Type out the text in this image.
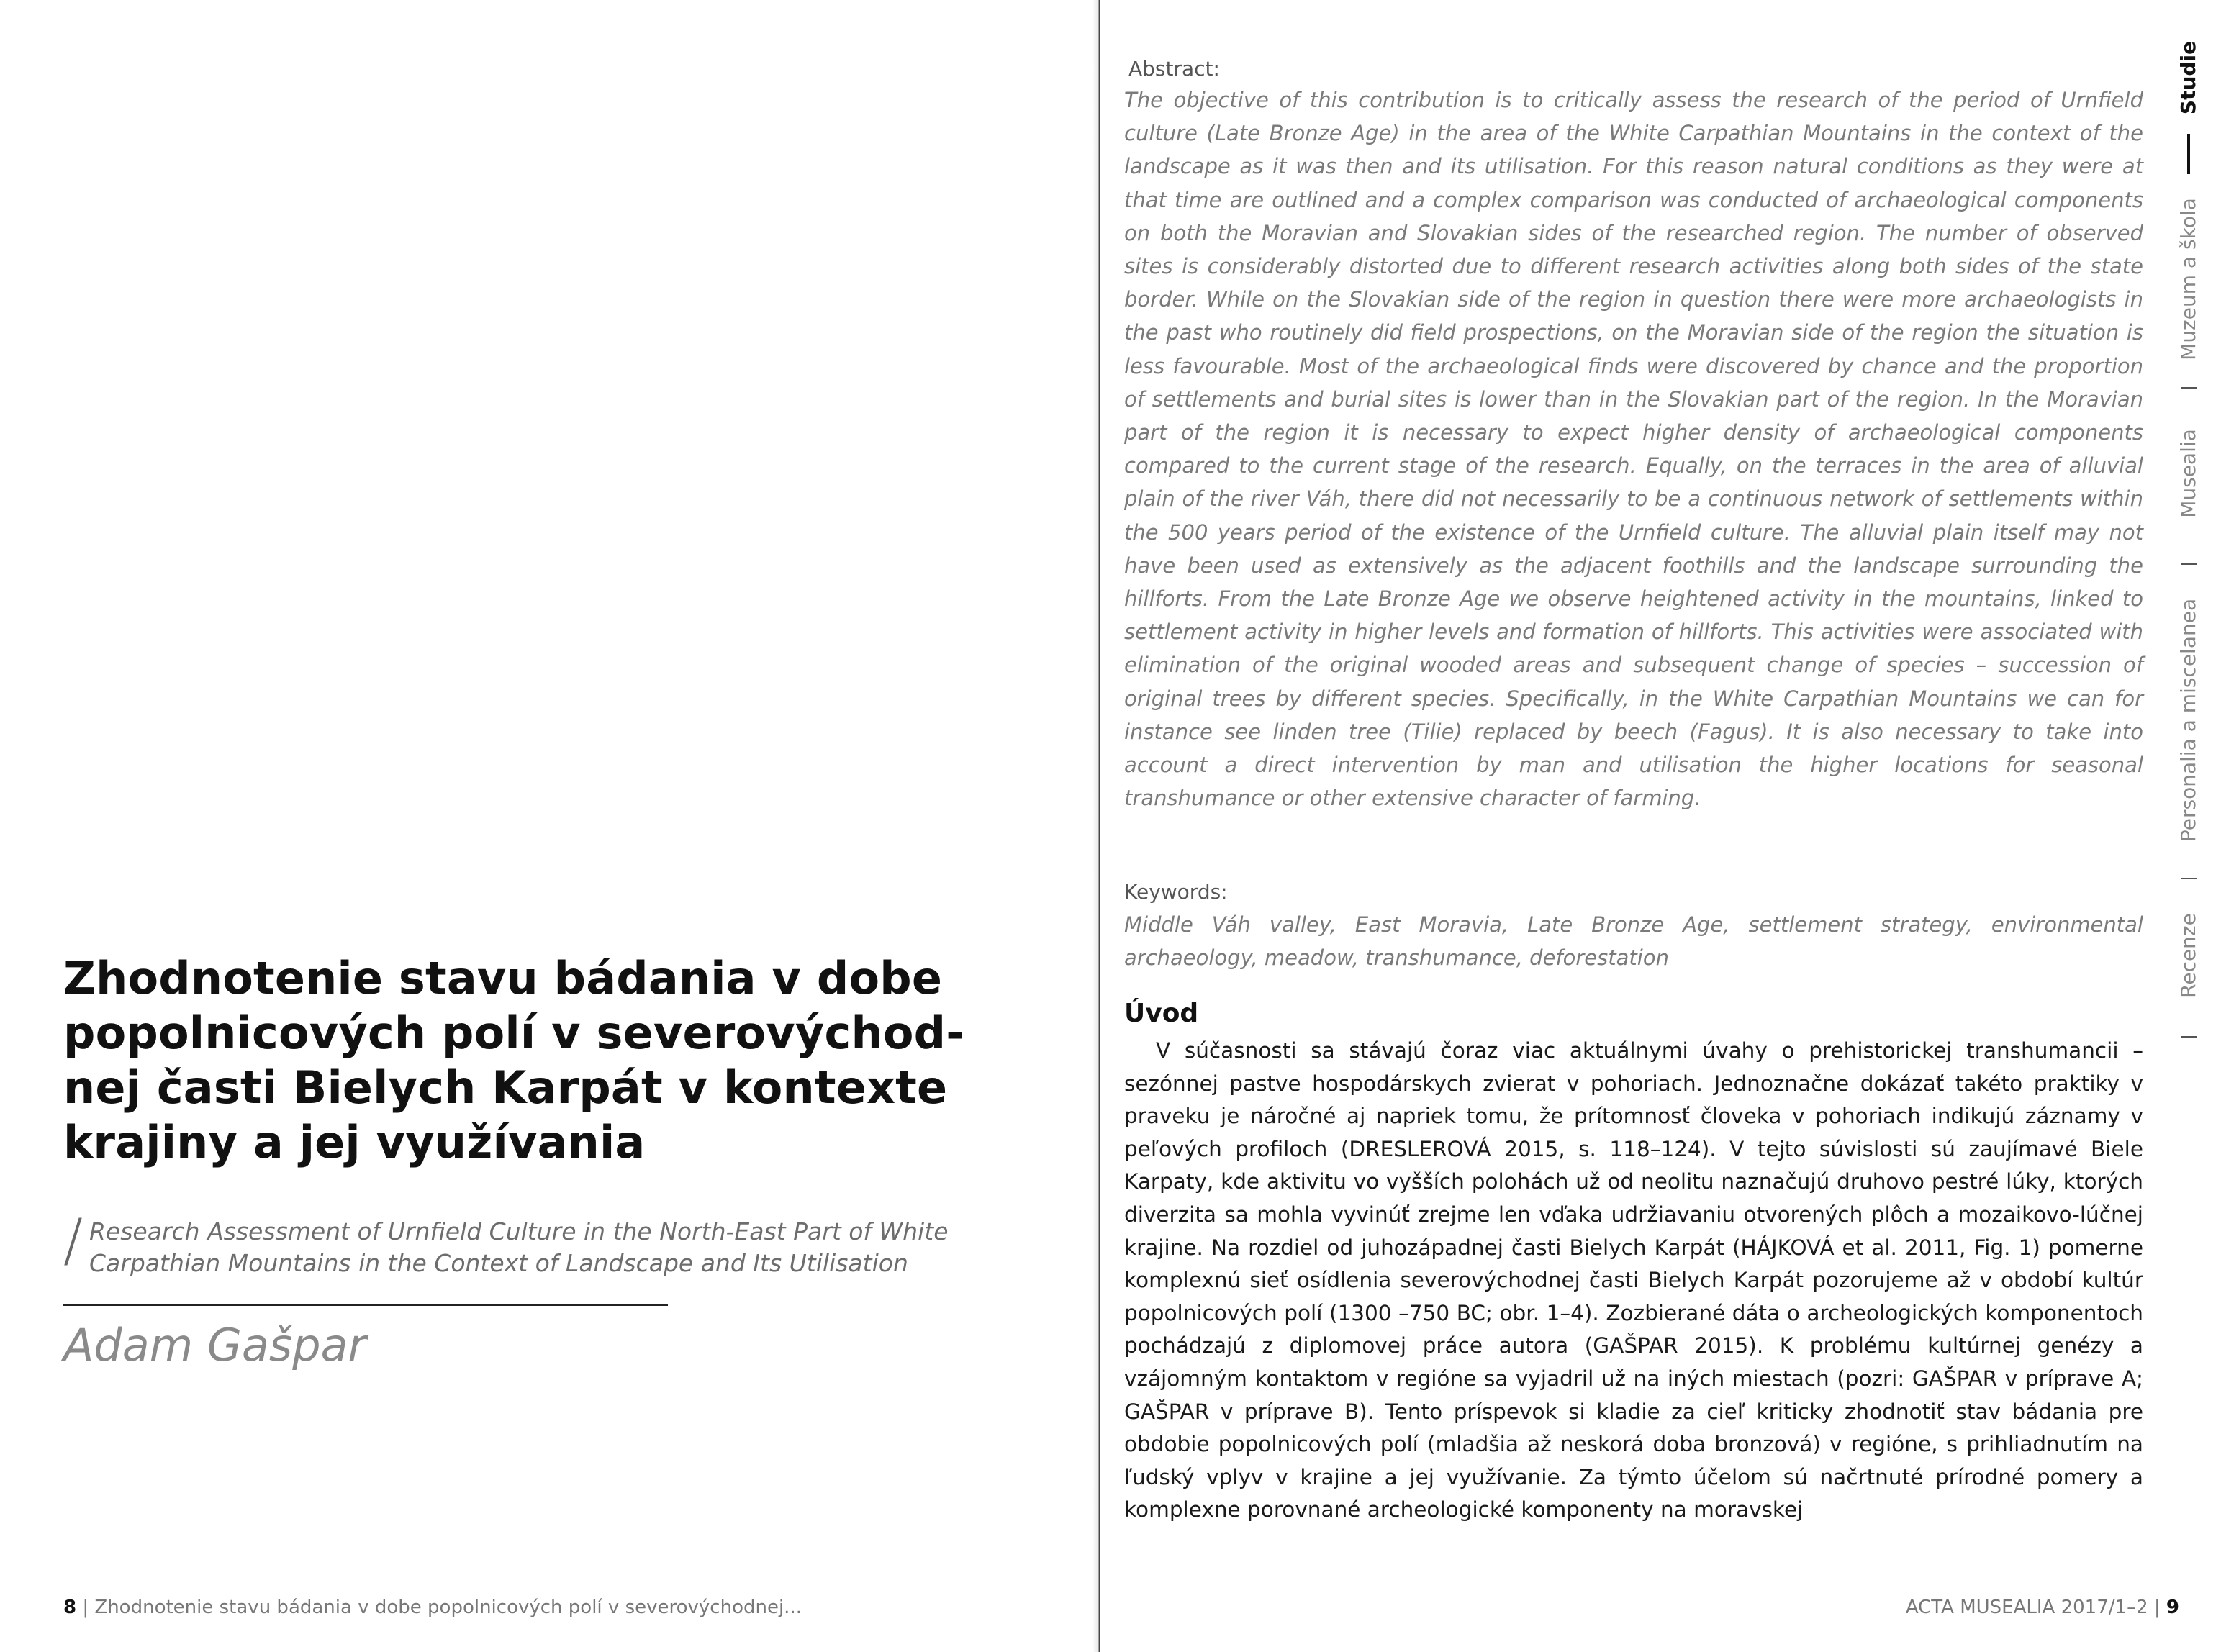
Zhodnotenie stavu bádania v dobe popolnicových polí v severovýchodnej časti Bielych Karpát v kontexte krajiny a jej využívania
/ Research Assessment of Urnfield Culture in the North-East Part of White Carpathian Mountains in the Context of Landscape and Its Utilisation

Adam Gašpar

8 | Zhodnotenie stavu bádania v dobe popolnicových polí v severovýchodnej...
Abstract:

The objective of this contribution is to critically assess the research of the period of Urnfield culture (Late Bronze Age) in the area of the White Carpathian Mountains in the context of the landscape as it was then and its utilisation. For this reason natural conditions as they were at that time are outlined and a complex comparison was conducted of archaeological components on both the Moravian and Slovakian sides of the researched region. The number of observed sites is considerably distorted due to different research activities along both sides of the state border. While on the Slovakian side of the region in question there were more archaeologists in the past who routinely did field prospections, on the Moravian side of the region the situation is less favourable. Most of the archaeological finds were discovered by chance and the proportion of settlements and burial sites is lower than in the Slovakian part of the region. In the Moravian part of the region it is necessary to expect higher density of archaeological components compared to the current stage of the research. Equally, on the terraces in the area of alluvial plain of the river Váh, there did not necessarily to be a continuous network of settlements within the 500 years period of the existence of the Urnfield culture. The alluvial plain itself may not have been used as extensively as the adjacent foothills and the landscape surrounding the hillforts. From the Late Bronze Age we observe heightened activity in the mountains, linked to settlement activity in higher levels and formation of hillforts. This activities were associated with elimination of the original wooded areas and subsequent change of species – succession of original trees by different species. Specifically, in the White Carpathian Mountains we can for instance see linden tree (Tilie) replaced by beech (Fagus). It is also necessary to take into account a direct intervention by man and utilisation the higher locations for seasonal transhumance or other extensive character of farming.

Keywords:

Middle Váh valley, East Moravia, Late Bronze Age, settlement strategy, environmental archaeology, meadow, transhumance, deforestation

Úvod

V súčasnosti sa stávajú čoraz viac aktuálnymi úvahy o prehistorickej transhumancii – sezónnej pastve hospodárskych zvierat v pohoriach. Jednoznačne dokázať takéto praktiky v praveku je náročné aj napriek tomu, že prítomnosť človeka v pohoriach indikujú záznamy v peľových profiloch (DRESLEROVÁ 2015, s. 118–124). V tejto súvislosti sú zaujímavé Biele Karpaty, kde aktivitu vo vyšších polohách už od neolitu naznačujú druhovo pestré lúky, ktorých diverzita sa mohla vyvinúť zrejme len vďaka udržiavaniu otvorených plôch a mozaikovo-lúčnej krajine. Na rozdiel od juhozápadnej časti Bielych Karpát (HÁJKOVÁ et al. 2011, Fig. 1) pomerne komplexnú sieť osídlenia severovýchodnej časti Bielych Karpát pozorujeme až v období kultúr popolnicových polí (1300 –750 BC; obr. 1–4). Zozbierané dáta o archeologických komponentoch pochádzajú z diplomovej práce autora (GAŠPAR 2015). K problému kultúrnej genézy a vzájomným kontaktom v regióne sa vyjadril už na iných miestach (pozri: GAŠPAR v príprave A; GAŠPAR v príprave B). Tento príspevok si kladie za cieľ kriticky zhodnotiť stav bádania pre obdobie popolnicových polí (mladšia až neskorá doba bronzová) v regióne, s prihliadnutím na ľudský vplyv v krajine a jej využívanie. Za týmto účelom sú načrtnuté prírodné pomery a komplexne porovnané archeologické komponenty na moravskej

ACTA MUSEALIA 2017/1–2 | 9
Studie
Muzeum a škola
Musealia
Personalia a miscelanea
Recenze
